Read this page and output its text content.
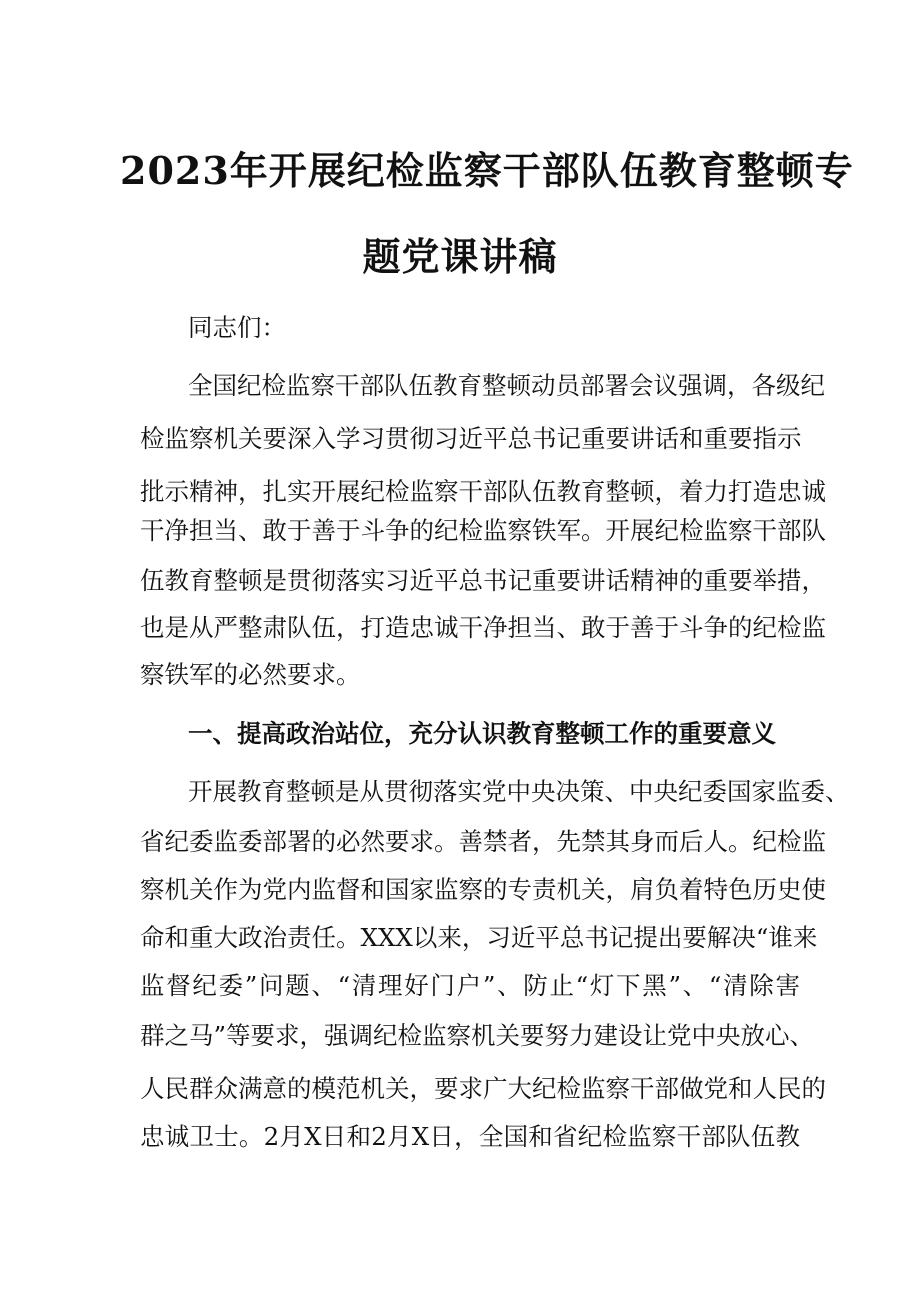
2023年开展纪检监察干部队伍教育整顿专
题党课讲稿

同志们：

全国纪检监察干部队伍教育整顿动员部署会议强调，各级纪

检监察机关要深入学习贯彻习近平总书记重要讲话和重要指示

批示精神，扎实开展纪检监察干部队伍教育整顿，着力打造忠诚

干净担当、敢于善于斗争的纪检监察铁军。开展纪检监察干部队

伍教育整顿是贯彻落实习近平总书记重要讲话精神的重要举措，

也是从严整肃队伍，打造忠诚干净担当、敢于善于斗争的纪检监

察铁军的必然要求。

一、提高政治站位，充分认识教育整顿工作的重要意义

开展教育整顿是从贯彻落实党中央决策、中央纪委国家监委、

省纪委监委部署的必然要求。善禁者，先禁其身而后人。纪检监

察机关作为党内监督和国家监察的专责机关，肩负着特色历史使

命和重大政治责任。XXX以来，习近平总书记提出要解决“谁来

监督纪委”问题、“清理好门户”、防止“灯下黑”、“清除害

群之马”等要求，强调纪检监察机关要努力建设让党中央放心、

人民群众满意的模范机关，要求广大纪检监察干部做党和人民的

忠诚卫士。2月X日和2月X日，全国和省纪检监察干部队伍教
